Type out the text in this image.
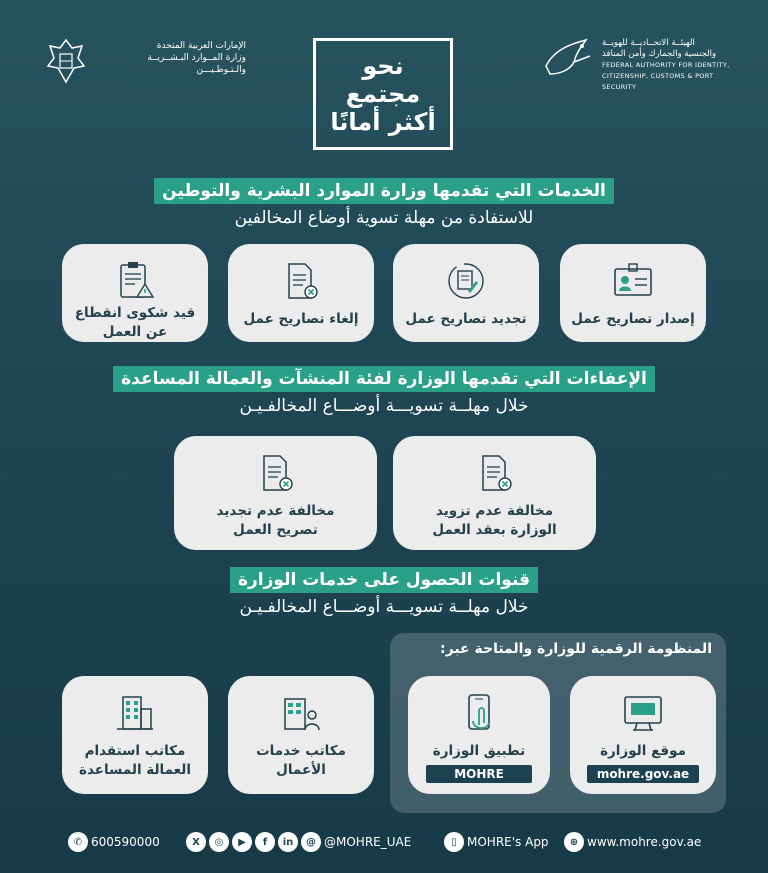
الإمارات العربية المتحدة
وزارة المــوارد البـشــريــة
والـتـوطـيـــن	نحو
مجتمع
أكثر أمانًا
الهيئــة الاتحــاديــة للهويــة
والجنسية والجمارك وأمن المنافذ
FEDERAL AUTHORITY FOR IDENTITY,
CITIZENSHIP, CUSTOMS & PORT SECURITY
الخدمات التي تقدمها وزارة الموارد البشرية والتوطين
للاستفادة من مهلة تسوية أوضاع المخالفين
إصدار تصاريح عمل
تجديد تصاريح عمل
إلغاء تصاريح عمل
قيد شكوى انقطاع
عن العمل
الإعفاءات التي تقدمها الوزارة لفئة المنشآت والعمالة المساعدة
خلال مهلــة تسويـــة أوضـــاع المخالفـيـن
مخالفة عدم تزويد
الوزارة بعقد العمل
مخالفة عدم تجديد
تصريح العمل
قنوات الحصول على خدمات الوزارة
خلال مهلــة تسويـــة أوضـــاع المخالفـيـن
المنظومة الرقمية للوزارة والمتاحة عبر:
موقع الوزارة
mohre.gov.ae
تطبيق الوزارة
MOHRE
مكاتب خدمات
الأعمال
مكاتب استقدام
العمالة المساعدة
✆ 600590000	X	◎	▶	f	in	@ @MOHRE_UAE	▯ MOHRE's App	⊕ www.mohre.gov.ae
